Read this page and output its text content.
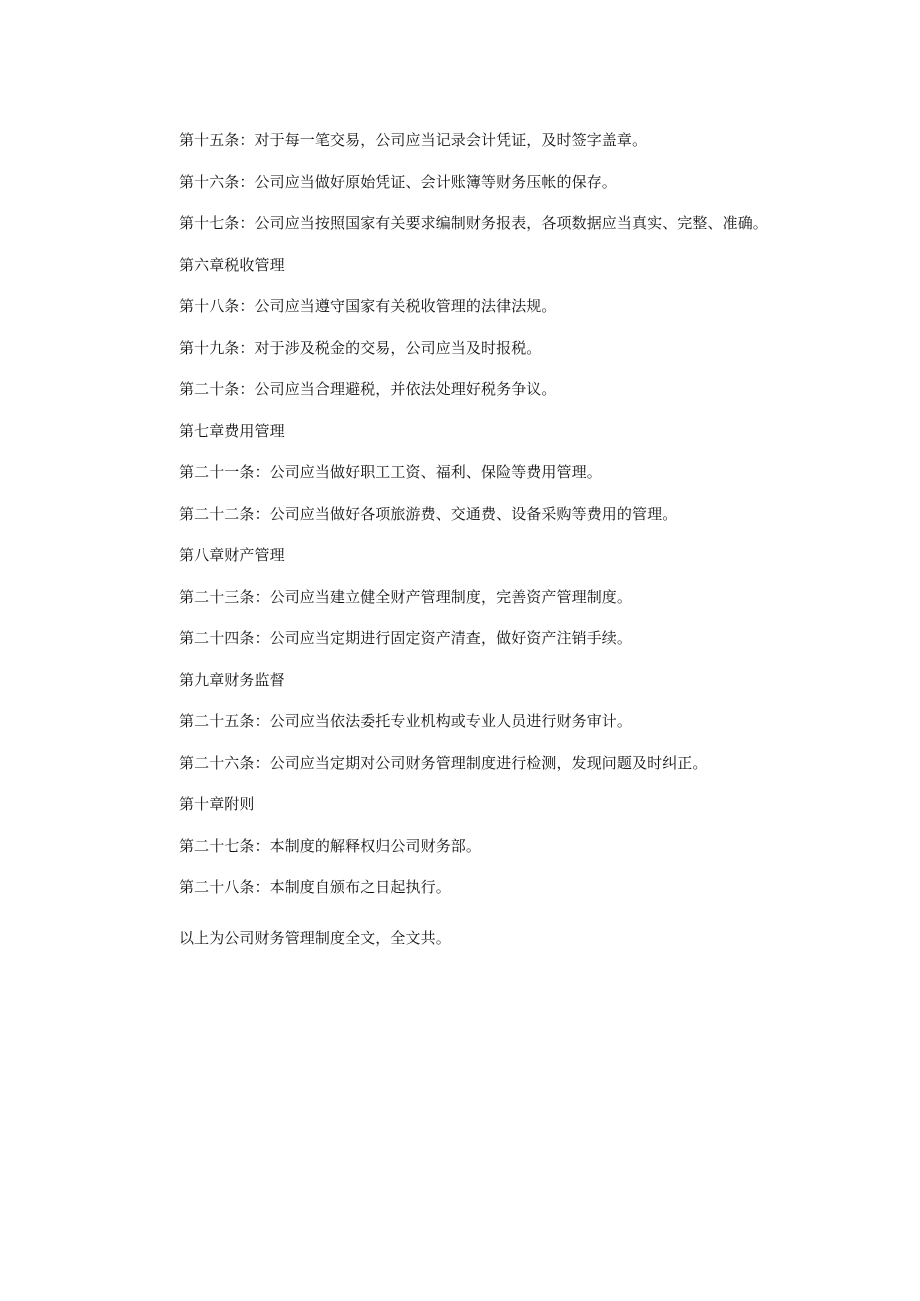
第十五条：对于每一笔交易，公司应当记录会计凭证，及时签字盖章。
第十六条：公司应当做好原始凭证、会计账簿等财务压帐的保存。
第十七条：公司应当按照国家有关要求编制财务报表，各项数据应当真实、完整、准确。
第六章税收管理
第十八条：公司应当遵守国家有关税收管理的法律法规。
第十九条：对于涉及税金的交易，公司应当及时报税。
第二十条：公司应当合理避税，并依法处理好税务争议。
第七章费用管理
第二十一条：公司应当做好职工工资、福利、保险等费用管理。
第二十二条：公司应当做好各项旅游费、交通费、设备采购等费用的管理。
第八章财产管理
第二十三条：公司应当建立健全财产管理制度，完善资产管理制度。
第二十四条：公司应当定期进行固定资产清查，做好资产注销手续。
第九章财务监督
第二十五条：公司应当依法委托专业机构或专业人员进行财务审计。
第二十六条：公司应当定期对公司财务管理制度进行检测，发现问题及时纠正。
第十章附则
第二十七条：本制度的解释权归公司财务部。
第二十八条：本制度自颁布之日起执行。
以上为公司财务管理制度全文，全文共。
